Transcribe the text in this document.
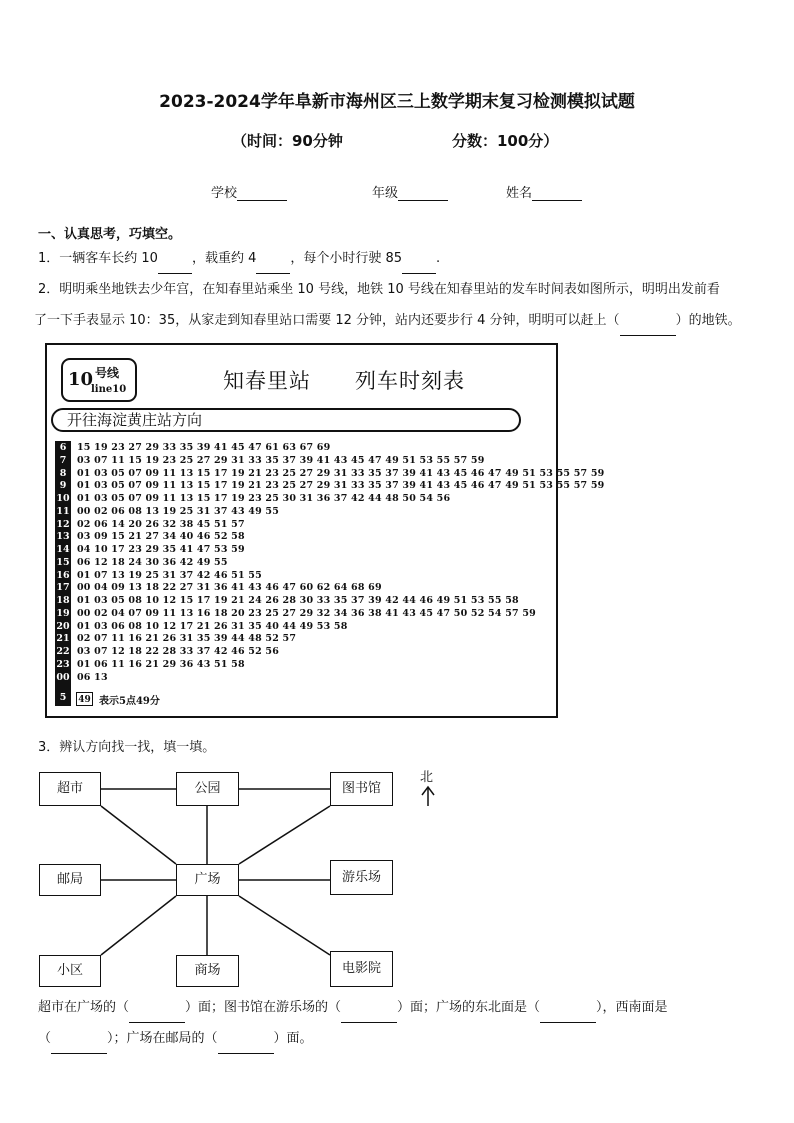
2023-2024学年阜新市海州区三上数学期末复习检测模拟试题
（时间：90分钟	分数：100分）
学校	年级	姓名
一、认真思考，巧填空。
1．一辆客车长约 10	，载重约 4	，每个小时行驶 85	.
2．明明乘坐地铁去少年宫，在知春里站乘坐 10 号线，地铁 10 号线在知春里站的发车时间表如图所示，明明出发前看
了一下手表显示 10：35，从家走到知春里站口需要 12 分钟，站内还要步行 4 分钟，明明可以赶上（	）的地铁。
10 号线
line10	知春里站 列车时刻表
开往海淀黄庄站方向
6 15 19 23 27 29 33 35 39 41 45 47 61 63 67 69
7 03 07 11 15 19 23 25 27 29 31 33 35 37 39 41 43 45 47 49 51 53 55 57 59
8 01 03 05 07 09 11 13 15 17 19 21 23 25 27 29 31 33 35 37 39 41 43 45 46 47 49 51 53 55 57 59
9 01 03 05 07 09 11 13 15 17 19 21 23 25 27 29 31 33 35 37 39 41 43 45 46 47 49 51 53 55 57 59
10 01 03 05 07 09 11 13 15 17 19 23 25 30 31 36 37 42 44 48 50 54 56
11 00 02 06 08 13 19 25 31 37 43 49 55
12 02 06 14 20 26 32 38 45 51 57
13 03 09 15 21 27 34 40 46 52 58
14 04 10 17 23 29 35 41 47 53 59
15 06 12 18 24 30 36 42 49 55
16 01 07 13 19 25 31 37 42 46 51 55
17 00 04 09 13 18 22 27 31 36 41 43 46 47 60 62 64 68 69
18 01 03 05 08 10 12 15 17 19 21 24 26 28 30 33 35 37 39 42 44 46 49 51 53 55 58
19 00 02 04 07 09 11 13 16 18 20 23 25 27 29 32 34 36 38 41 43 45 47 50 52 54 57 59
20 01 03 06 08 10 12 17 21 26 31 35 40 44 49 53 58
21 02 07 11 16 21 26 31 35 39 44 48 52 57
22 03 07 12 18 22 28 33 37 42 46 52 56
23 01 06 11 16 21 29 36 43 51 58
00 06 13
5	49 表示5点49分
3．辨认方向找一找，填一填。
超市	公园	图书馆
北
邮局	广场	游乐场
小区	商场	电影院
超市在广场的（	）面；图书馆在游乐场的（	）面；广场的东北面是（	），西南面是
（	）；广场在邮局的（	）面。
